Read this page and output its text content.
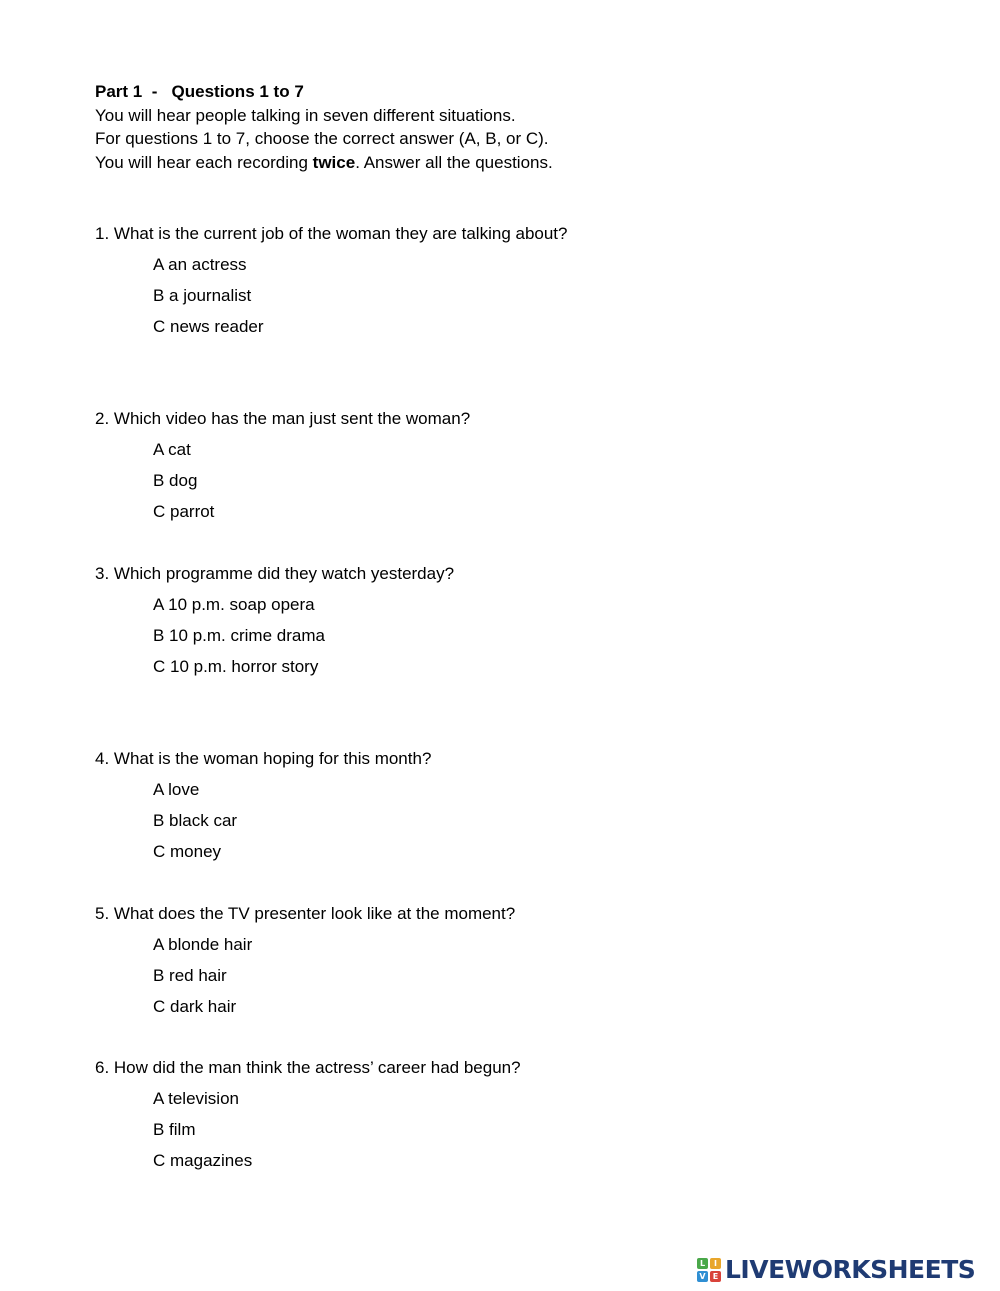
Part 1  -   Questions 1 to 7
You will hear people talking in seven different situations.
For questions 1 to 7, choose the correct answer (A, B, or C).
You will hear each recording twice. Answer all the questions.
1. What is the current job of the woman they are talking about?
A an actress
B a journalist
C news reader
2. Which video has the man just sent the woman?
A cat
B dog
C parrot
3. Which programme did they watch yesterday?
A 10 p.m. soap opera
B 10 p.m. crime drama
C 10 p.m. horror story
4. What is the woman hoping for this month?
A love
B black car
C money
5. What does the TV presenter look like at the moment?
A blonde hair
B red hair
C dark hair
6. How did the man think the actress’ career had begun?
A television
B film
C magazines
L	I
V E LIVEWORKSHEETS
